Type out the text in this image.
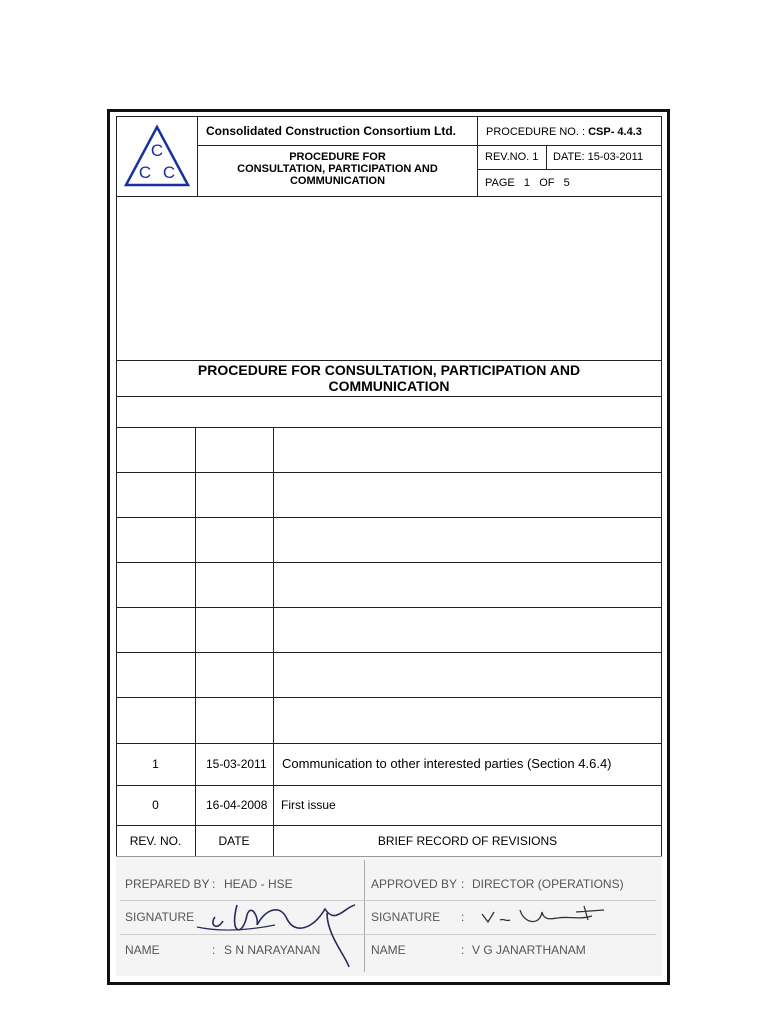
C
C C
Consolidated Construction Consortium Ltd.
PROCEDURE FOR
CONSULTATION, PARTICIPATION AND
COMMUNICATION
PROCEDURE NO. : CSP- 4.4.3
REV.NO. 1 DATE: 15-03-2011
PAGE   1   OF   5
PROCEDURE FOR CONSULTATION, PARTICIPATION AND
COMMUNICATION
1	15-03-2011 Communication to other interested parties (Section 4.6.4)
0	16-04-2008 First issue
REV. NO.	DATE	BRIEF RECORD OF REVISIONS
PREPARED BY : HEAD - HSE	APPROVED BY : DIRECTOR (OPERATIONS)
SIGNATURE	SIGNATURE :
NAME	: S N NARAYANAN	NAME	: V G JANARTHANAM
